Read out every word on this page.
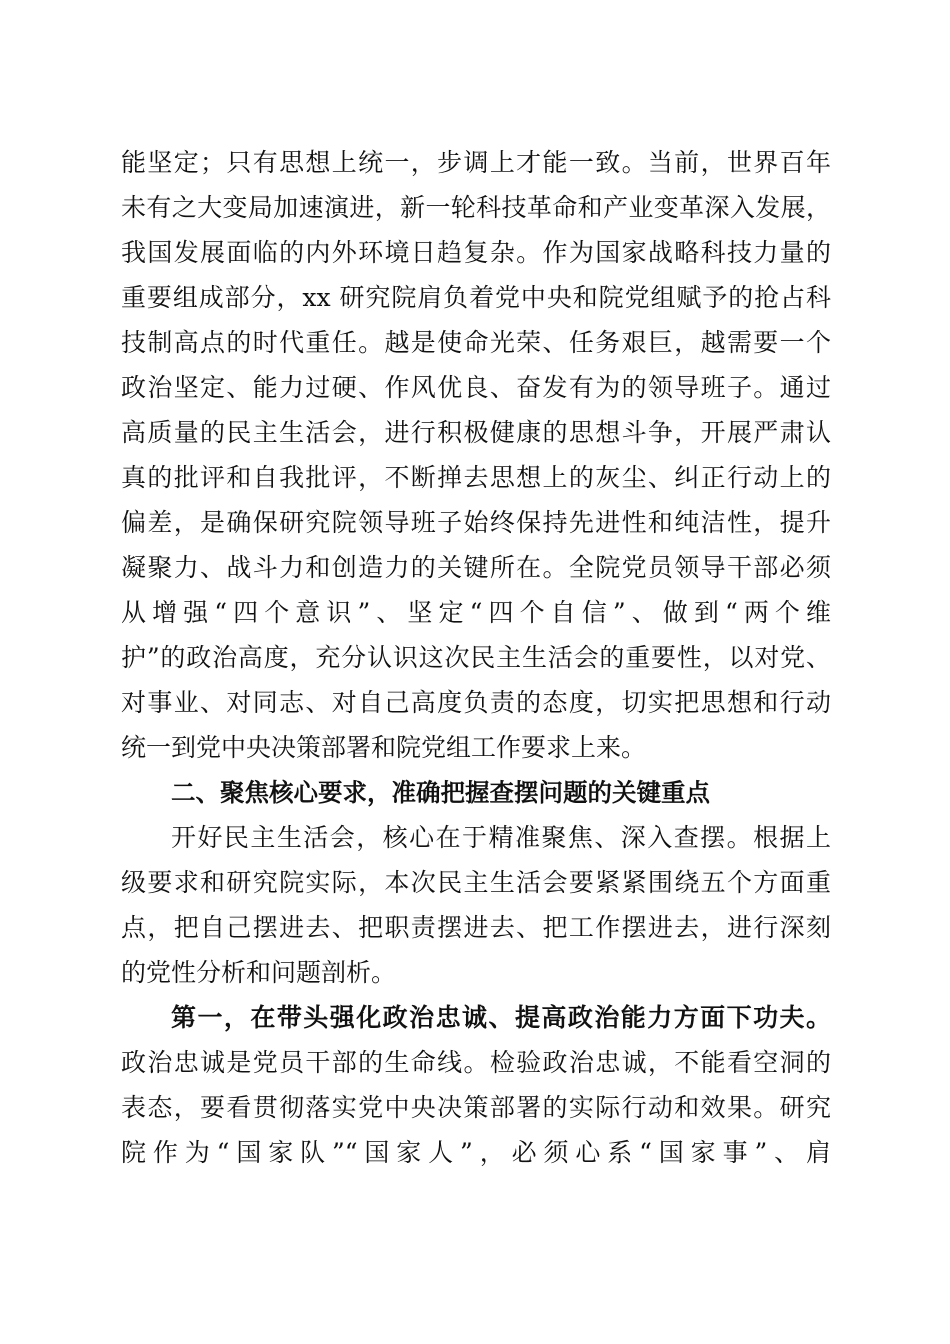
能坚定；只有思想上统一，步调上才能一致。当前，世界百年
未有之大变局加速演进，新一轮科技革命和产业变革深入发展，
我国发展面临的内外环境日趋复杂。作为国家战略科技力量的
重要组成部分，xx 研究院肩负着党中央和院党组赋予的抢占科
技制高点的时代重任。越是使命光荣、任务艰巨，越需要一个
政治坚定、能力过硬、作风优良、奋发有为的领导班子。通过
高质量的民主生活会，进行积极健康的思想斗争，开展严肃认
真的批评和自我批评，不断掸去思想上的灰尘、纠正行动上的
偏差，是确保研究院领导班子始终保持先进性和纯洁性，提升
凝聚力、战斗力和创造力的关键所在。全院党员领导干部必须
从增强“四个意识”、坚定“四个自信”、做到“两个维
护”的政治高度，充分认识这次民主生活会的重要性，以对党、
对事业、对同志、对自己高度负责的态度，切实把思想和行动
统一到党中央决策部署和院党组工作要求上来。
二、聚焦核心要求，准确把握查摆问题的关键重点
开好民主生活会，核心在于精准聚焦、深入查摆。根据上
级要求和研究院实际，本次民主生活会要紧紧围绕五个方面重
点，把自己摆进去、把职责摆进去、把工作摆进去，进行深刻
的党性分析和问题剖析。
第一，在带头强化政治忠诚、提高政治能力方面下功夫。
政治忠诚是党员干部的生命线。检验政治忠诚，不能看空洞的
表态，要看贯彻落实党中央决策部署的实际行动和效果。研究
院作为“国家队”“国家人”，必须心系“国家事”、肩
